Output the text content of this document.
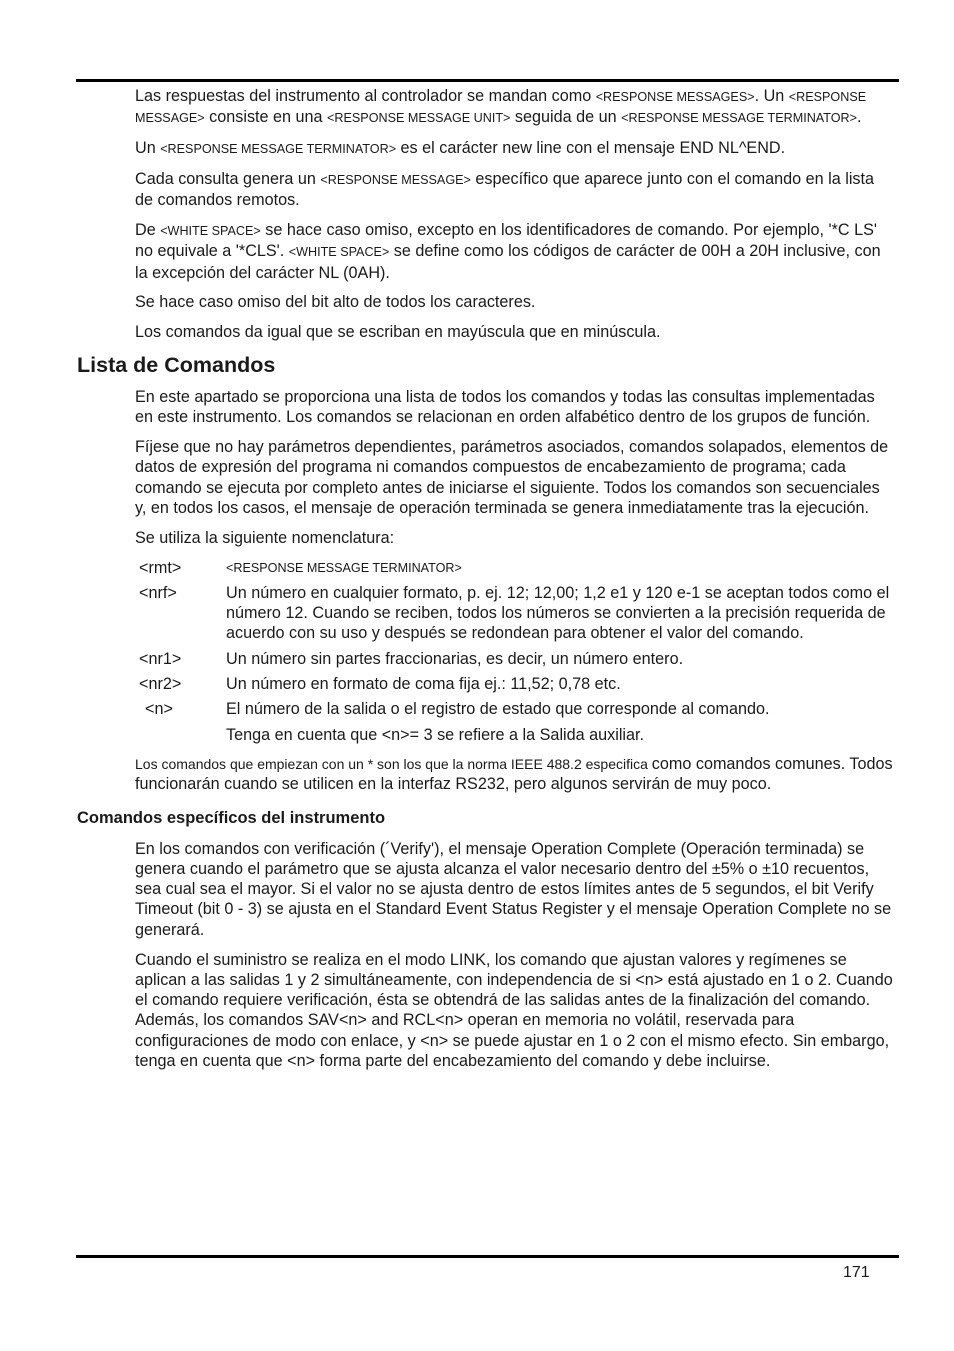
Las respuestas del instrumento al controlador se mandan como <RESPONSE MESSAGES>. Un <RESPONSE MESSAGE> consiste en una <RESPONSE MESSAGE UNIT> seguida de un <RESPONSE MESSAGE TERMINATOR>.

Un <RESPONSE MESSAGE TERMINATOR> es el carácter new line con el mensaje END NL^END.

Cada consulta genera un <RESPONSE MESSAGE> específico que aparece junto con el comando en la lista de comandos remotos.

De <WHITE SPACE> se hace caso omiso, excepto en los identificadores de comando. Por ejemplo, '*C LS' no equivale a '*CLS'. <WHITE SPACE> se define como los códigos de carácter de 00H a 20H inclusive, con la excepción del carácter NL (0AH).

Se hace caso omiso del bit alto de todos los caracteres.

Los comandos da igual que se escriban en mayúscula que en minúscula.

Lista de Comandos

En este apartado se proporciona una lista de todos los comandos y todas las consultas implementadas en este instrumento. Los comandos se relacionan en orden alfabético dentro de los grupos de función.

Fíjese que no hay parámetros dependientes, parámetros asociados, comandos solapados, elementos de datos de expresión del programa ni comandos compuestos de encabezamiento de programa; cada comando se ejecuta por completo antes de iniciarse el siguiente. Todos los comandos son secuenciales y, en todos los casos, el mensaje de operación terminada se genera inmediatamente tras la ejecución.

Se utiliza la siguiente nomenclatura:

<rmt>	<RESPONSE MESSAGE TERMINATOR>
<nrf>	Un número en cualquier formato, p. ej. 12; 12,00; 1,2 e1 y 120 e-1 se aceptan todos como el número 12. Cuando se reciben, todos los números se convierten a la precisión requerida de acuerdo con su uso y después se redondean para obtener el valor del comando.
<nr1>	Un número sin partes fraccionarias, es decir, un número entero.
<nr2>	Un número en formato de coma fija ej.: 11,52; 0,78 etc.
<n>	El número de la salida o el registro de estado que corresponde al comando.
	Tenga en cuenta que <n>= 3 se refiere a la Salida auxiliar.

Los comandos que empiezan con un * son los que la norma IEEE 488.2 especifica como comandos comunes. Todos funcionarán cuando se utilicen en la interfaz RS232, pero algunos servirán de muy poco.

Comandos específicos del instrumento

En los comandos con verificación (´Verify'), el mensaje Operation Complete (Operación terminada) se genera cuando el parámetro que se ajusta alcanza el valor necesario dentro del ±5% o ±10 recuentos, sea cual sea el mayor. Si el valor no se ajusta dentro de estos límites antes de 5 segundos, el bit Verify Timeout (bit 0 - 3) se ajusta en el Standard Event Status Register y el mensaje Operation Complete no se generará.

Cuando el suministro se realiza en el modo LINK, los comando que ajustan valores y regímenes se aplican a las salidas 1 y 2 simultáneamente, con independencia de si <n> está ajustado en 1 o 2. Cuando el comando requiere verificación, ésta se obtendrá de las salidas antes de la finalización del comando. Además, los comandos SAV<n> and RCL<n> operan en memoria no volátil, reservada para configuraciones de modo con enlace, y <n> se puede ajustar en 1 o 2 con el mismo efecto. Sin embargo, tenga en cuenta que <n> forma parte del encabezamiento del comando y debe incluirse.

171
